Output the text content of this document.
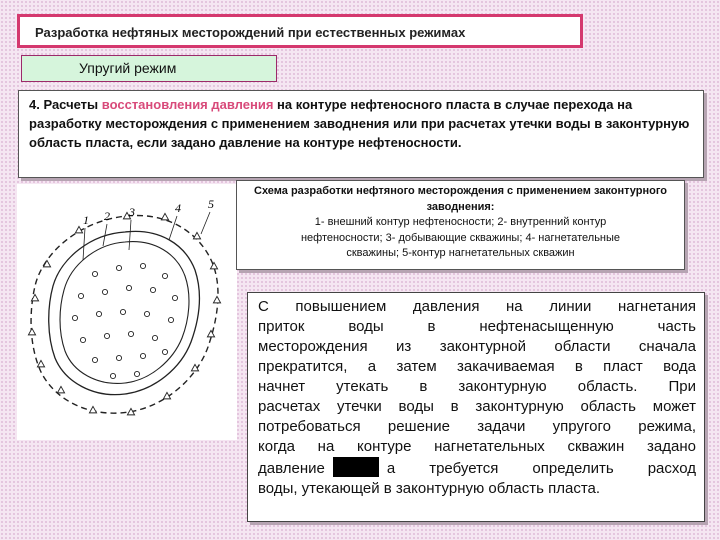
Разработка нефтяных месторождений при естественных режимах
Упругий режим
4. Расчеты восстановления давления на контуре нефтеносного пласта в случае перехода на разработку месторождения с применением заводнения или при расчетах утечки воды в законтурную область пласта, если задано давление на контуре нефтеносности.
1 2 3	4 5
Схема разработки нефтяного месторождения с применением законтурного заводнения:
1- внешний контур нефтеносности; 2- внутренний контур
нефтеносности; 3- добывающие скважины; 4- нагнетательные
скважины; 5-контур нагнетательных скважин
С повышением давления на линии нагнетания
приток воды в нефтенасыщенную часть
месторождения из законтурной области сначала
прекратится, а затем закачиваемая в пласт вода
начнет утекать в законтурную область. При
расчетах утечки воды в законтурную область может
потребоваться решение задачи упругого режима,
когда на контуре нагнетательных скважин задано
давление	а требуется определить расход
воды, утекающей в законтурную область пласта.
